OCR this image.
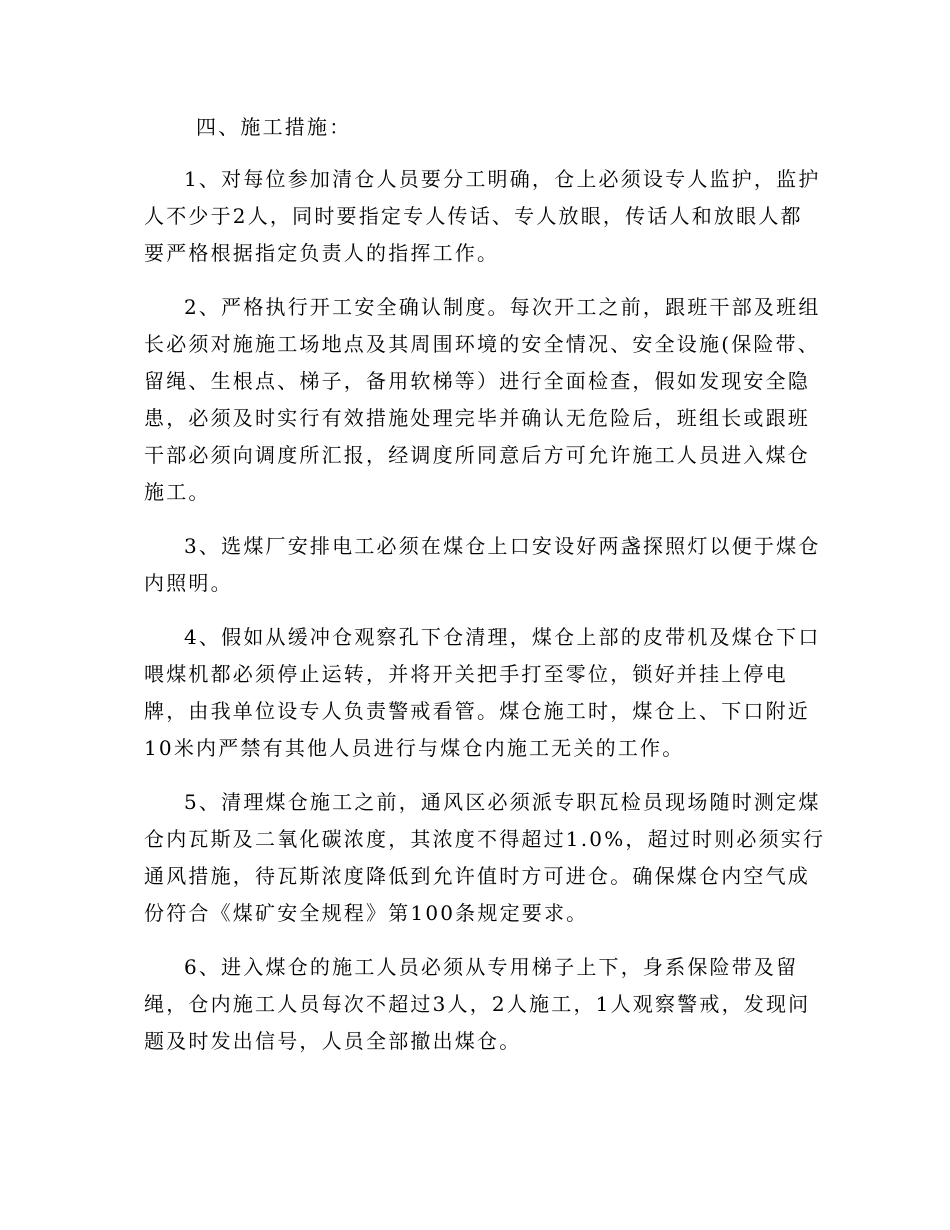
四、施工措施：
1、对每位参加清仓人员要分工明确，仓上必须设专人监护，监护
人不少于2人，同时要指定专人传话、专人放眼，传话人和放眼人都
要严格根据指定负责人的指挥工作。
2、严格执行开工安全确认制度。每次开工之前，跟班干部及班组
长必须对施施工场地点及其周围环境的安全情况、安全设施(保险带、
留绳、生根点、梯子，备用软梯等）进行全面检查，假如发现安全隐
患，必须及时实行有效措施处理完毕并确认无危险后，班组长或跟班
干部必须向调度所汇报，经调度所同意后方可允许施工人员进入煤仓
施工。
3、选煤厂安排电工必须在煤仓上口安设好两盏探照灯以便于煤仓
内照明。
4、假如从缓冲仓观察孔下仓清理，煤仓上部的皮带机及煤仓下口
喂煤机都必须停止运转，并将开关把手打至零位，锁好并挂上停电
牌，由我单位设专人负责警戒看管。煤仓施工时，煤仓上、下口附近
10米内严禁有其他人员进行与煤仓内施工无关的工作。
5、清理煤仓施工之前，通风区必须派专职瓦检员现场随时测定煤
仓内瓦斯及二氧化碳浓度，其浓度不得超过1.0%，超过时则必须实行
通风措施，待瓦斯浓度降低到允许值时方可进仓。确保煤仓内空气成
份符合《煤矿安全规程》第100条规定要求。
6、进入煤仓的施工人员必须从专用梯子上下，身系保险带及留
绳，仓内施工人员每次不超过3人，2人施工，1人观察警戒，发现问
题及时发出信号，人员全部撤出煤仓。
